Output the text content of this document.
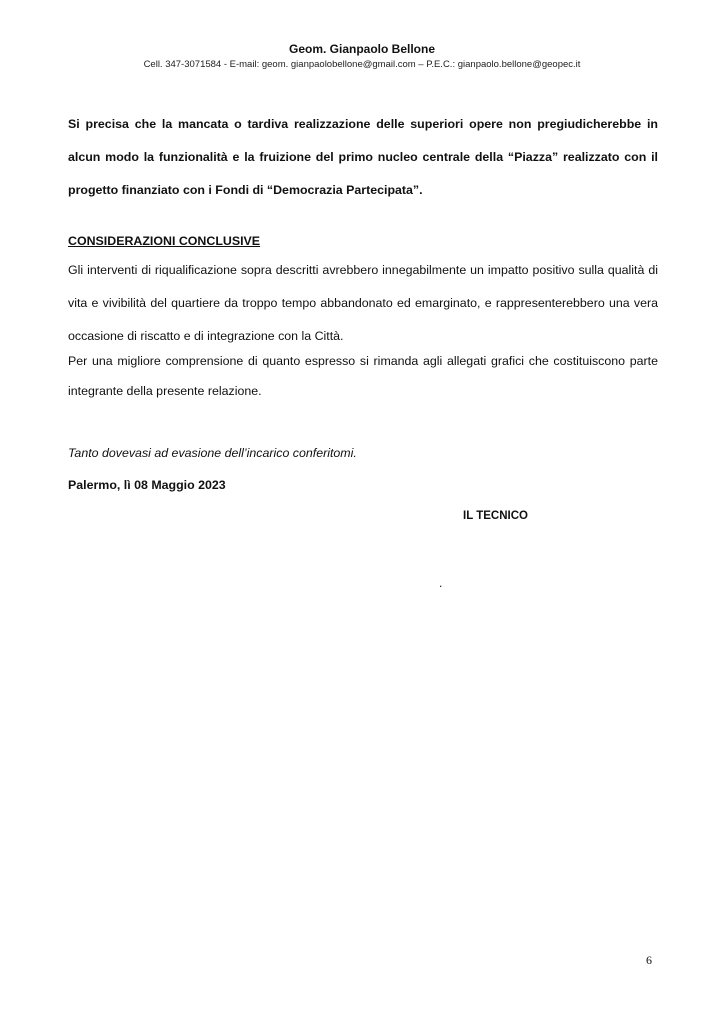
Geom. Gianpaolo Bellone
Cell. 347-3071584 - E-mail: geom. gianpaolobellone@gmail.com – P.E.C.: gianpaolo.bellone@geopec.it

Si precisa che la mancata o tardiva realizzazione delle superiori opere non pregiudicherebbe in alcun modo la funzionalità e la fruizione del primo nucleo centrale della “Piazza” realizzato con il progetto finanziato con i Fondi di “Democrazia Partecipata”.

CONSIDERAZIONI CONCLUSIVE

Gli interventi di riqualificazione sopra descritti avrebbero innegabilmente un impatto positivo sulla qualità di vita e vivibilità del quartiere da troppo tempo abbandonato ed emarginato, e rappresenterebbero una vera occasione di riscatto e di integrazione con la Città.

Per una migliore comprensione di quanto espresso si rimanda agli allegati grafici che costituiscono parte integrante della presente relazione.

Tanto dovevasi ad evasione dell’incarico conferitomi.

Palermo, lì 08 Maggio 2023

IL TECNICO

.

6
